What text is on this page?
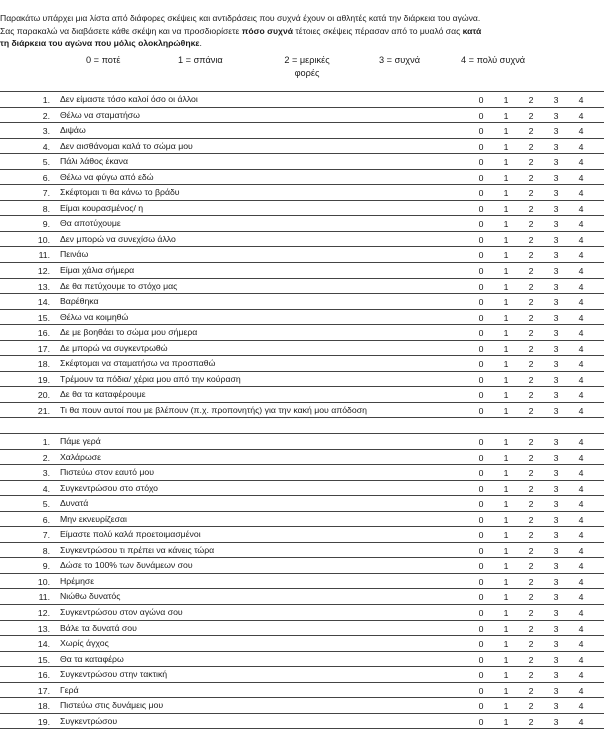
Παρακάτω υπάρχει μια λίστα από διάφορες σκέψεις και αντιδράσεις που συχνά έχουν οι αθλητές κατά την διάρκεια του αγώνα.
Σας παρακαλώ να διαβάσετε κάθε σκέψη και να προσδιορίσετε πόσο συχνά τέτοιες σκέψεις πέρασαν από το μυαλό σας κατά
τη διάρκεια του αγώνα που μόλις ολοκληρώθηκε.
0 = ποτέ	1 = σπάνια	2 = μερικές
φορές
3 = συχνά	4 = πολύ συχνά
1. Δεν είμαστε τόσο καλοί όσο οι άλλοι	0 1 2 3 4
2. Θέλω να σταματήσω	0 1 2 3 4
3. Διψάω	0 1 2 3 4
4. Δεν αισθάνομαι καλά το σώμα μου	0 1 2 3 4
5. Πάλι λάθος έκανα	0 1 2 3 4
6. Θέλω να φύγω από εδώ	0 1 2 3 4
7. Σκέφτομαι τι θα κάνω το βράδυ	0 1 2 3 4
8. Είμαι κουρασμένος/ η	0 1 2 3 4
9. Θα αποτύχουμε	0 1 2 3 4
10. Δεν μπορώ να συνεχίσω άλλο	0 1 2 3 4
11. Πεινάω	0 1 2 3 4
12. Είμαι χάλια σήμερα	0 1 2 3 4
13. Δε θα πετύχουμε το στόχο μας	0 1 2 3 4
14. Βαρέθηκα	0 1 2 3 4
15. Θέλω να κοιμηθώ	0 1 2 3 4
16. Δε με βοηθάει το σώμα μου σήμερα	0 1 2 3 4
17. Δε μπορώ να συγκεντρωθώ	0 1 2 3 4
18. Σκέφτομαι να σταματήσω να προσπαθώ	0 1 2 3 4
19. Τρέμουν τα πόδια/ χέρια μου από την κούραση	0 1 2 3 4
20. Δε θα τα καταφέρουμε	0 1 2 3 4
21. Τι θα πουν αυτοί που με βλέπουν (π.χ. προπονητής) για την κακή μου απόδοση	0 1 2 3 4
1. Πάμε γερά	0 1 2 3 4
2. Χαλάρωσε	0 1 2 3 4
3. Πιστεύω στον εαυτό μου	0 1 2 3 4
4. Συγκεντρώσου στο στόχο	0 1 2 3 4
5. Δυνατά	0 1 2 3 4
6. Μην εκνευρίζεσαι	0 1 2 3 4
7. Είμαστε πολύ καλά προετοιμασμένοι	0 1 2 3 4
8. Συγκεντρώσου τι πρέπει να κάνεις τώρα	0 1 2 3 4
9. Δώσε το 100% των δυνάμεων σου	0 1 2 3 4
10. Ηρέμησε	0 1 2 3 4
11. Νιώθω δυνατός	0 1 2 3 4
12. Συγκεντρώσου στον αγώνα σου	0 1 2 3 4
13. Βάλε τα δυνατά σου	0 1 2 3 4
14. Χωρίς άγχος	0 1 2 3 4
15. Θα τα καταφέρω	0 1 2 3 4
16. Συγκεντρώσου στην τακτική	0 1 2 3 4
17. Γερά	0 1 2 3 4
18. Πιστεύω στις δυνάμεις μου	0 1 2 3 4
19. Συγκεντρώσου	0 1 2 3 4
